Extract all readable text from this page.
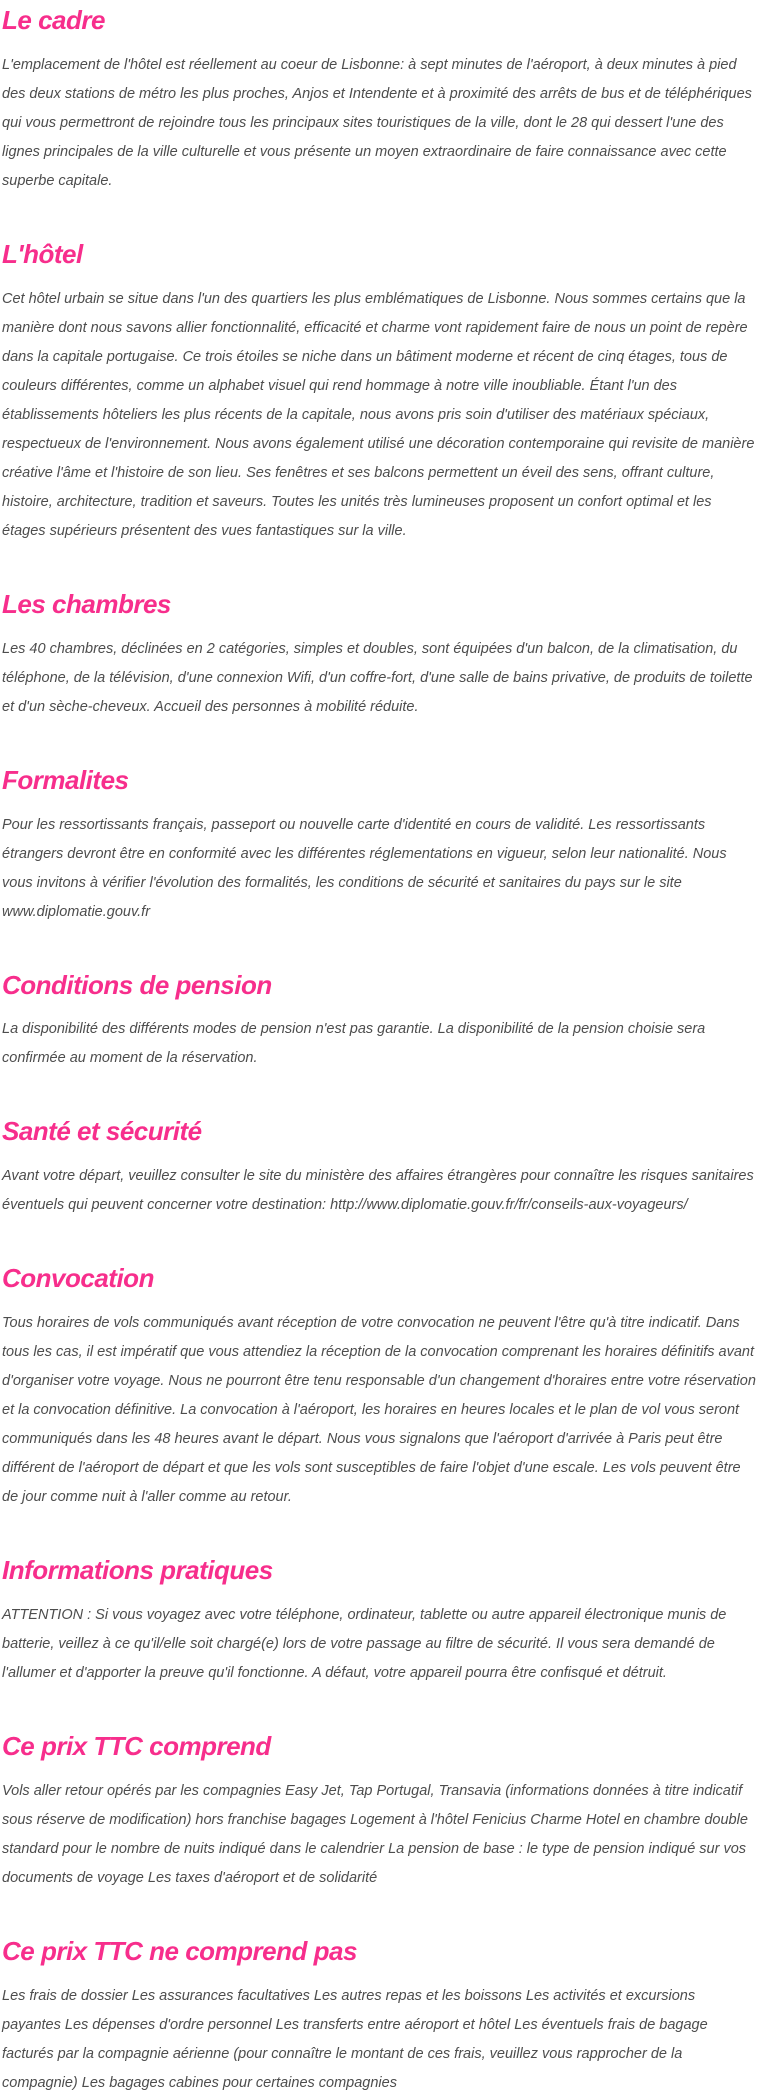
Le cadre

L'emplacement de l'hôtel est réellement au coeur de Lisbonne: à sept minutes de l'aéroport, à deux minutes à pied des deux stations de métro les plus proches, Anjos et Intendente et à proximité des arrêts de bus et de téléphériques qui vous permettront de rejoindre tous les principaux sites touristiques de la ville, dont le 28 qui dessert l'une des lignes principales de la ville culturelle et vous présente un moyen extraordinaire de faire connaissance avec cette superbe capitale.

L'hôtel

Cet hôtel urbain se situe dans l'un des quartiers les plus emblématiques de Lisbonne. Nous sommes certains que la manière dont nous savons allier fonctionnalité, efficacité et charme vont rapidement faire de nous un point de repère dans la capitale portugaise. Ce trois étoiles se niche dans un bâtiment moderne et récent de cinq étages, tous de couleurs différentes, comme un alphabet visuel qui rend hommage à notre ville inoubliable. Étant l'un des établissements hôteliers les plus récents de la capitale, nous avons pris soin d'utiliser des matériaux spéciaux, respectueux de l'environnement. Nous avons également utilisé une décoration contemporaine qui revisite de manière créative l'âme et l'histoire de son lieu. Ses fenêtres et ses balcons permettent un éveil des sens, offrant culture, histoire, architecture, tradition et saveurs. Toutes les unités très lumineuses proposent un confort optimal et les étages supérieurs présentent des vues fantastiques sur la ville.

Les chambres

Les 40 chambres, déclinées en 2 catégories, simples et doubles, sont équipées d'un balcon, de la climatisation, du téléphone, de la télévision, d'une connexion Wifi, d'un coffre-fort, d'une salle de bains privative, de produits de toilette et d'un sèche-cheveux. Accueil des personnes à mobilité réduite.

Formalites

Pour les ressortissants français, passeport ou nouvelle carte d'identité en cours de validité. Les ressortissants étrangers devront être en conformité avec les différentes réglementations en vigueur, selon leur nationalité. Nous vous invitons à vérifier l'évolution des formalités, les conditions de sécurité et sanitaires du pays sur le site www.diplomatie.gouv.fr

Conditions de pension

La disponibilité des différents modes de pension n'est pas garantie. La disponibilité de la pension choisie sera confirmée au moment de la réservation.

Santé et sécurité

Avant votre départ, veuillez consulter le site du ministère des affaires étrangères pour connaître les risques sanitaires éventuels qui peuvent concerner votre destination: http://www.diplomatie.gouv.fr/fr/conseils-aux-voyageurs/

Convocation

Tous horaires de vols communiqués avant réception de votre convocation ne peuvent l'être qu'à titre indicatif. Dans tous les cas, il est impératif que vous attendiez la réception de la convocation comprenant les horaires définitifs avant d'organiser votre voyage. Nous ne pourront être tenu responsable d'un changement d'horaires entre votre réservation et la convocation définitive. La convocation à l'aéroport, les horaires en heures locales et le plan de vol vous seront communiqués dans les 48 heures avant le départ. Nous vous signalons que l'aéroport d'arrivée à Paris peut être différent de l'aéroport de départ et que les vols sont susceptibles de faire l'objet d'une escale. Les vols peuvent être de jour comme nuit à l'aller comme au retour.

Informations pratiques

ATTENTION : Si vous voyagez avec votre téléphone, ordinateur, tablette ou autre appareil électronique munis de batterie, veillez à ce qu'il/elle soit chargé(e) lors de votre passage au filtre de sécurité. Il vous sera demandé de l'allumer et d'apporter la preuve qu'il fonctionne. A défaut, votre appareil pourra être confisqué et détruit.

Ce prix TTC comprend

Vols aller retour opérés par les compagnies Easy Jet, Tap Portugal, Transavia (informations données à titre indicatif sous réserve de modification) hors franchise bagages Logement à l'hôtel Fenicius Charme Hotel en chambre double standard pour le nombre de nuits indiqué dans le calendrier La pension de base : le type de pension indiqué sur vos documents de voyage Les taxes d'aéroport et de solidarité

Ce prix TTC ne comprend pas

Les frais de dossier Les assurances facultatives Les autres repas et les boissons Les activités et excursions payantes Les dépenses d'ordre personnel Les transferts entre aéroport et hôtel Les éventuels frais de bagage facturés par la compagnie aérienne (pour connaître le montant de ces frais, veuillez vous rapprocher de la compagnie) Les bagages cabines pour certaines compagnies
